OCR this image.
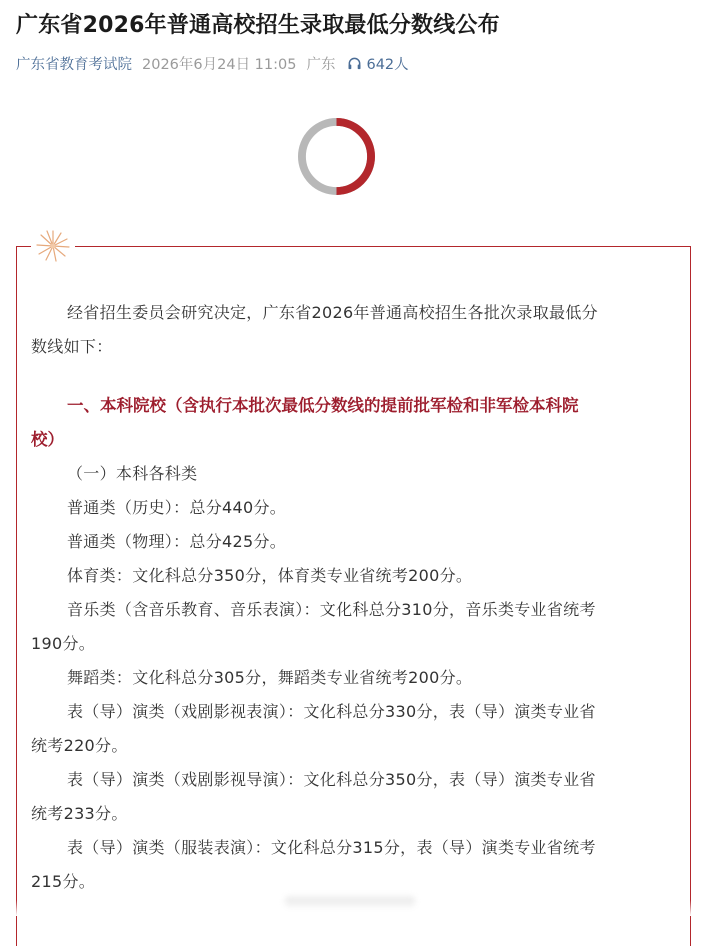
广东省2026年普通高校招生录取最低分数线公布
广东省教育考试院 2026年6月24日 11:05 广东 642人

经省招生委员会研究决定，广东省2026年普通高校招生各批次录取最低分
数线如下：

一、本科院校（含执行本批次最低分数线的提前批军检和非军检本科院
校）

（一）本科各科类

普通类（历史）：总分440分。

普通类（物理）：总分425分。

体育类：文化科总分350分，体育类专业省统考200分。

音乐类（含音乐教育、音乐表演）：文化科总分310分，音乐类专业省统考
190分。

舞蹈类：文化科总分305分，舞蹈类专业省统考200分。

表（导）演类（戏剧影视表演）：文化科总分330分，表（导）演类专业省
统考220分。

表（导）演类（戏剧影视导演）：文化科总分350分，表（导）演类专业省
统考233分。

表（导）演类（服装表演）：文化科总分315分，表（导）演类专业省统考
215分。
